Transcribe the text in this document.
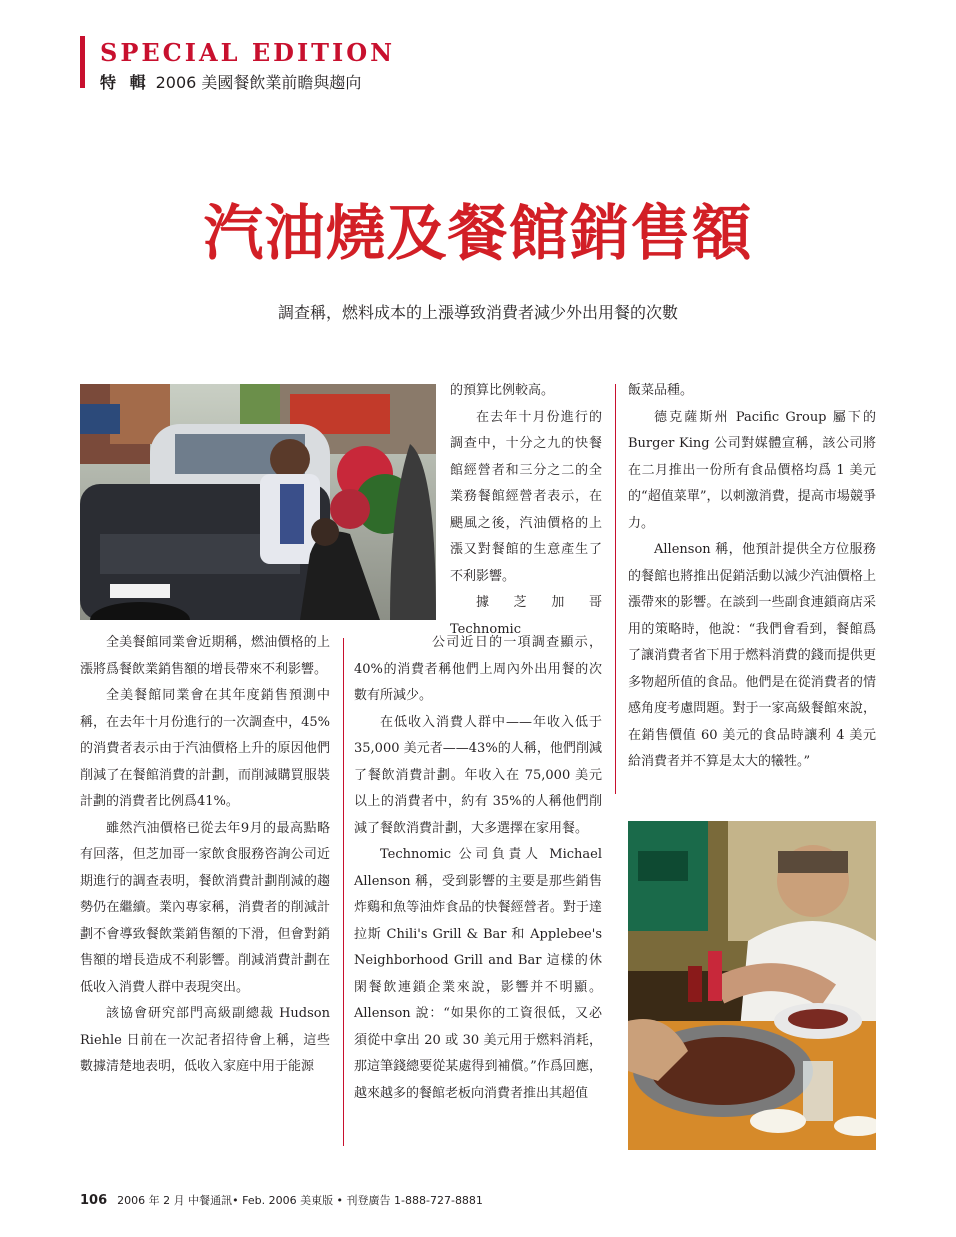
SPECIAL EDITION
特 輯 2006 美國餐飲業前瞻與趨向
汽油燒及餐館銷售額
調查稱，燃料成本的上漲導致消費者減少外出用餐的次數

全美餐館同業會近期稱，燃油價格的上漲將爲餐飲業銷售額的增長帶來不利影響。

全美餐館同業會在其年度銷售預測中稱，在去年十月份進行的一次調查中，45%的消費者表示由于汽油價格上升的原因他們削減了在餐館消費的計劃，而削減購買服裝計劃的消費者比例爲41%。

雖然汽油價格已從去年9月的最高點略有回落，但芝加哥一家飲食服務咨詢公司近期進行的調查表明，餐飲消費計劃削減的趨勢仍在繼續。業內專家稱，消費者的削減計劃不會導致餐飲業銷售額的下滑，但會對銷售額的增長造成不利影響。削減消費計劃在低收入消費人群中表現突出。

該協會研究部門高級副總裁 Hudson Riehle 日前在一次記者招待會上稱，這些數據清楚地表明，低收入家庭中用于能源

的預算比例較高。

在去年十月份進行的調查中，十分之九的快餐館經營者和三分之二的全業務餐館經營者表示，在颶風之後，汽油價格的上漲又對餐館的生意產生了不利影響。

據芝加哥 Technomic

公司近日的一項調查顯示，40%的消費者稱他們上周內外出用餐的次數有所減少。

在低收入消費人群中——年收入低于 35,000 美元者——43%的人稱，他們削減了餐飲消費計劃。年收入在 75,000 美元以上的消費者中，約有 35%的人稱他們削減了餐飲消費計劃，大多選擇在家用餐。

Technomic 公司負責人 Michael Allenson 稱，受到影響的主要是那些銷售炸鷄和魚等油炸食品的快餐經營者。對于達拉斯 Chili's Grill & Bar 和 Applebee's Neighborhood Grill and Bar 這樣的休閑餐飲連鎖企業來說，影響并不明顯。Allenson 說：“如果你的工資很低，又必須從中拿出 20 或 30 美元用于燃料消耗，那這筆錢總要從某處得到補償。”作爲回應，越來越多的餐館老板向消費者推出其超值

飯菜品種。

德克薩斯州 Pacific Group 屬下的 Burger King 公司對媒體宣稱，該公司將在二月推出一份所有食品價格均爲 1 美元的“超值菜單”，以刺激消費，提高市場競爭力。

Allenson 稱，他預計提供全方位服務的餐館也將推出促銷活動以減少汽油價格上漲帶來的影響。在談到一些副食連鎖商店采用的策略時，他說：“我們會看到，餐館爲了讓消費者省下用于燃料消費的錢而提供更多物超所值的食品。他們是在從消費者的情感角度考慮問題。對于一家高級餐館來說，在銷售價值 60 美元的食品時讓利 4 美元給消費者并不算是太大的犧牲。”

106 2006 年 2 月 中餐通訊• Feb. 2006 美東版 • 刊登廣告 1-888-727-8881
